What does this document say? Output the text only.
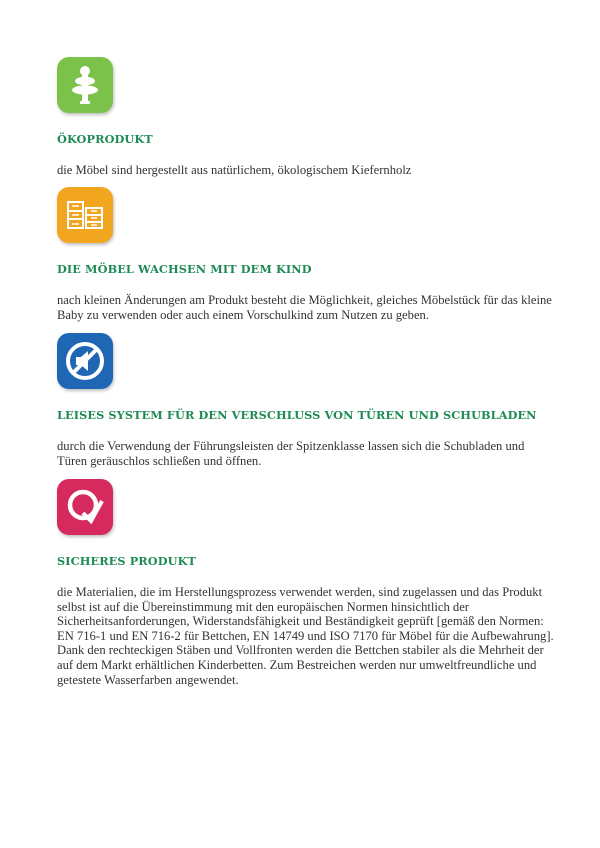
ÖKOPRODUKT

die Möbel sind hergestellt aus natürlichem, ökologischem Kiefernholz

DIE MÖBEL WACHSEN MIT DEM KIND

nach kleinen Änderungen am Produkt besteht die Möglichkeit, gleiches Möbelstück für das kleine Baby zu verwenden oder auch einem Vorschulkind zum Nutzen zu geben.

LEISES SYSTEM FÜR DEN VERSCHLUSS VON TÜREN UND SCHUBLADEN

durch die Verwendung der Führungsleisten der Spitzenklasse lassen sich die Schubladen und Türen geräuschlos schließen und öffnen.

SICHERES PRODUKT

die Materialien, die im Herstellungsprozess verwendet werden, sind zugelassen und das Produkt selbst ist auf die Übereinstimmung mit den europäischen Normen hinsichtlich der Sicherheitsanforderungen, Widerstandsfähigkeit und Beständigkeit geprüft [gemäß den Normen: EN 716-1 und EN 716-2 für Bettchen, EN 14749 und ISO 7170 für Möbel für die Aufbewahrung]. Dank den rechteckigen Stäben und Vollfronten werden die Bettchen stabiler als die Mehrheit der auf dem Markt erhältlichen Kinderbetten. Zum Bestreichen werden nur umweltfreundliche und getestete Wasserfarben angewendet.
